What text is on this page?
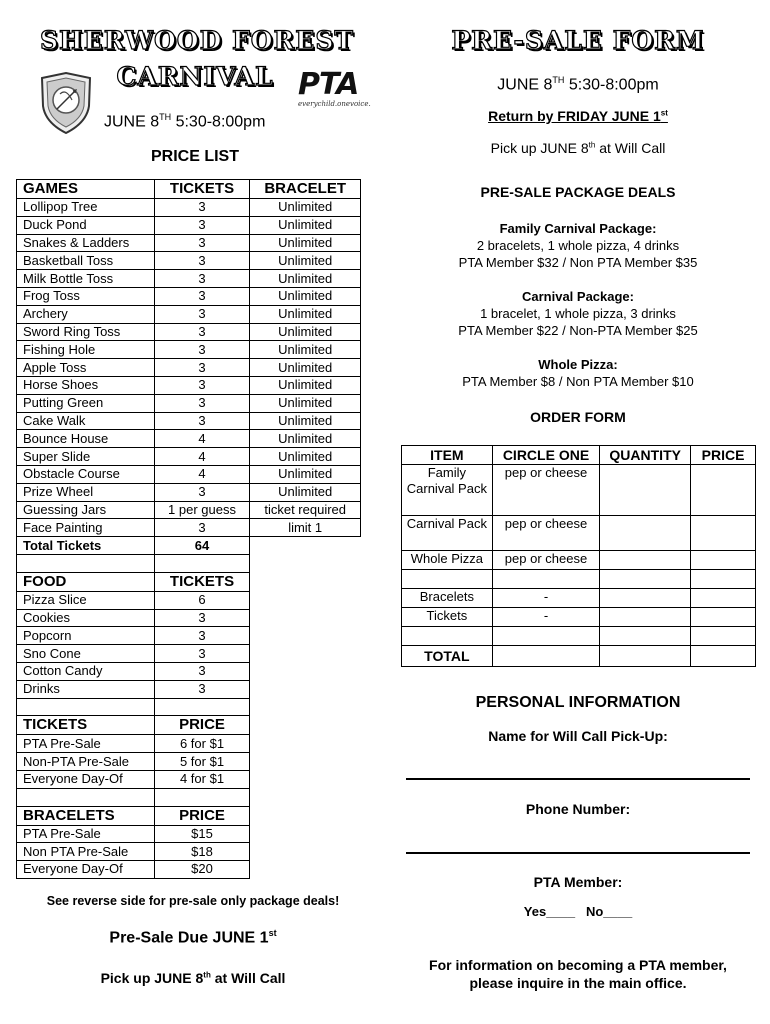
SHERWOOD FOREST
CARNIVAL PTA
everychild.onevoice.
JUNE 8TH 5:30-8:00pm
PRICE LIST
GAMES	TICKETS	BRACELET
Lollipop Tree	3	Unlimited
Duck Pond	3	Unlimited
Snakes & Ladders	3	Unlimited
Basketball Toss	3	Unlimited
Milk Bottle Toss	3	Unlimited
Frog Toss	3	Unlimited
Archery	3	Unlimited
Sword Ring Toss	3	Unlimited
Fishing Hole	3	Unlimited
Apple Toss	3	Unlimited
Horse Shoes	3	Unlimited
Putting Green	3	Unlimited
Cake Walk	3	Unlimited
Bounce House	4	Unlimited
Super Slide	4	Unlimited
Obstacle Course	4	Unlimited
Prize Wheel	3	Unlimited
Guessing Jars	1 per guess	ticket required
Face Painting	3	limit 1
Total Tickets	64	

FOOD	TICKETS	
Pizza Slice	6	
Cookies	3	
Popcorn	3	
Sno Cone	3	
Cotton Candy	3	
Drinks	3	

TICKETS	PRICE	
PTA Pre-Sale	6 for $1	
Non-PTA Pre-Sale	5 for $1	
Everyone Day-Of	4 for $1	

BRACELETS	PRICE	
PTA Pre-Sale	$15	
Non PTA Pre-Sale	$18	
Everyone Day-Of	$20	
PRE-SALE FORM
JUNE 8TH 5:30-8:00pm
Return by FRIDAY JUNE 1st
Pick up JUNE 8th at Will Call
PRE-SALE PACKAGE DEALS
Family Carnival Package:
2 bracelets, 1 whole pizza, 4 drinks
PTA Member $32 / Non PTA Member $35
Carnival Package:
1 bracelet, 1 whole pizza, 3 drinks
PTA Member $22 / Non-PTA Member $25
Whole Pizza:
PTA Member $8 / Non PTA Member $10
ORDER FORM
ITEM	CIRCLE ONE	QUANTITY	PRICE
Family Carnival Pack	pep or cheese		
Carnival Pack	pep or cheese		
Whole Pizza	pep or cheese		

Bracelets	-		
Tickets	-		

TOTAL			
PERSONAL INFORMATION
Name for Will Call Pick-Up:
Phone Number:
PTA Member:
Yes____   No____
For information on becoming a PTA member,
please inquire in the main office.
See reverse side for pre-sale only package deals!
Pre-Sale Due JUNE 1st
Pick up JUNE 8th at Will Call
